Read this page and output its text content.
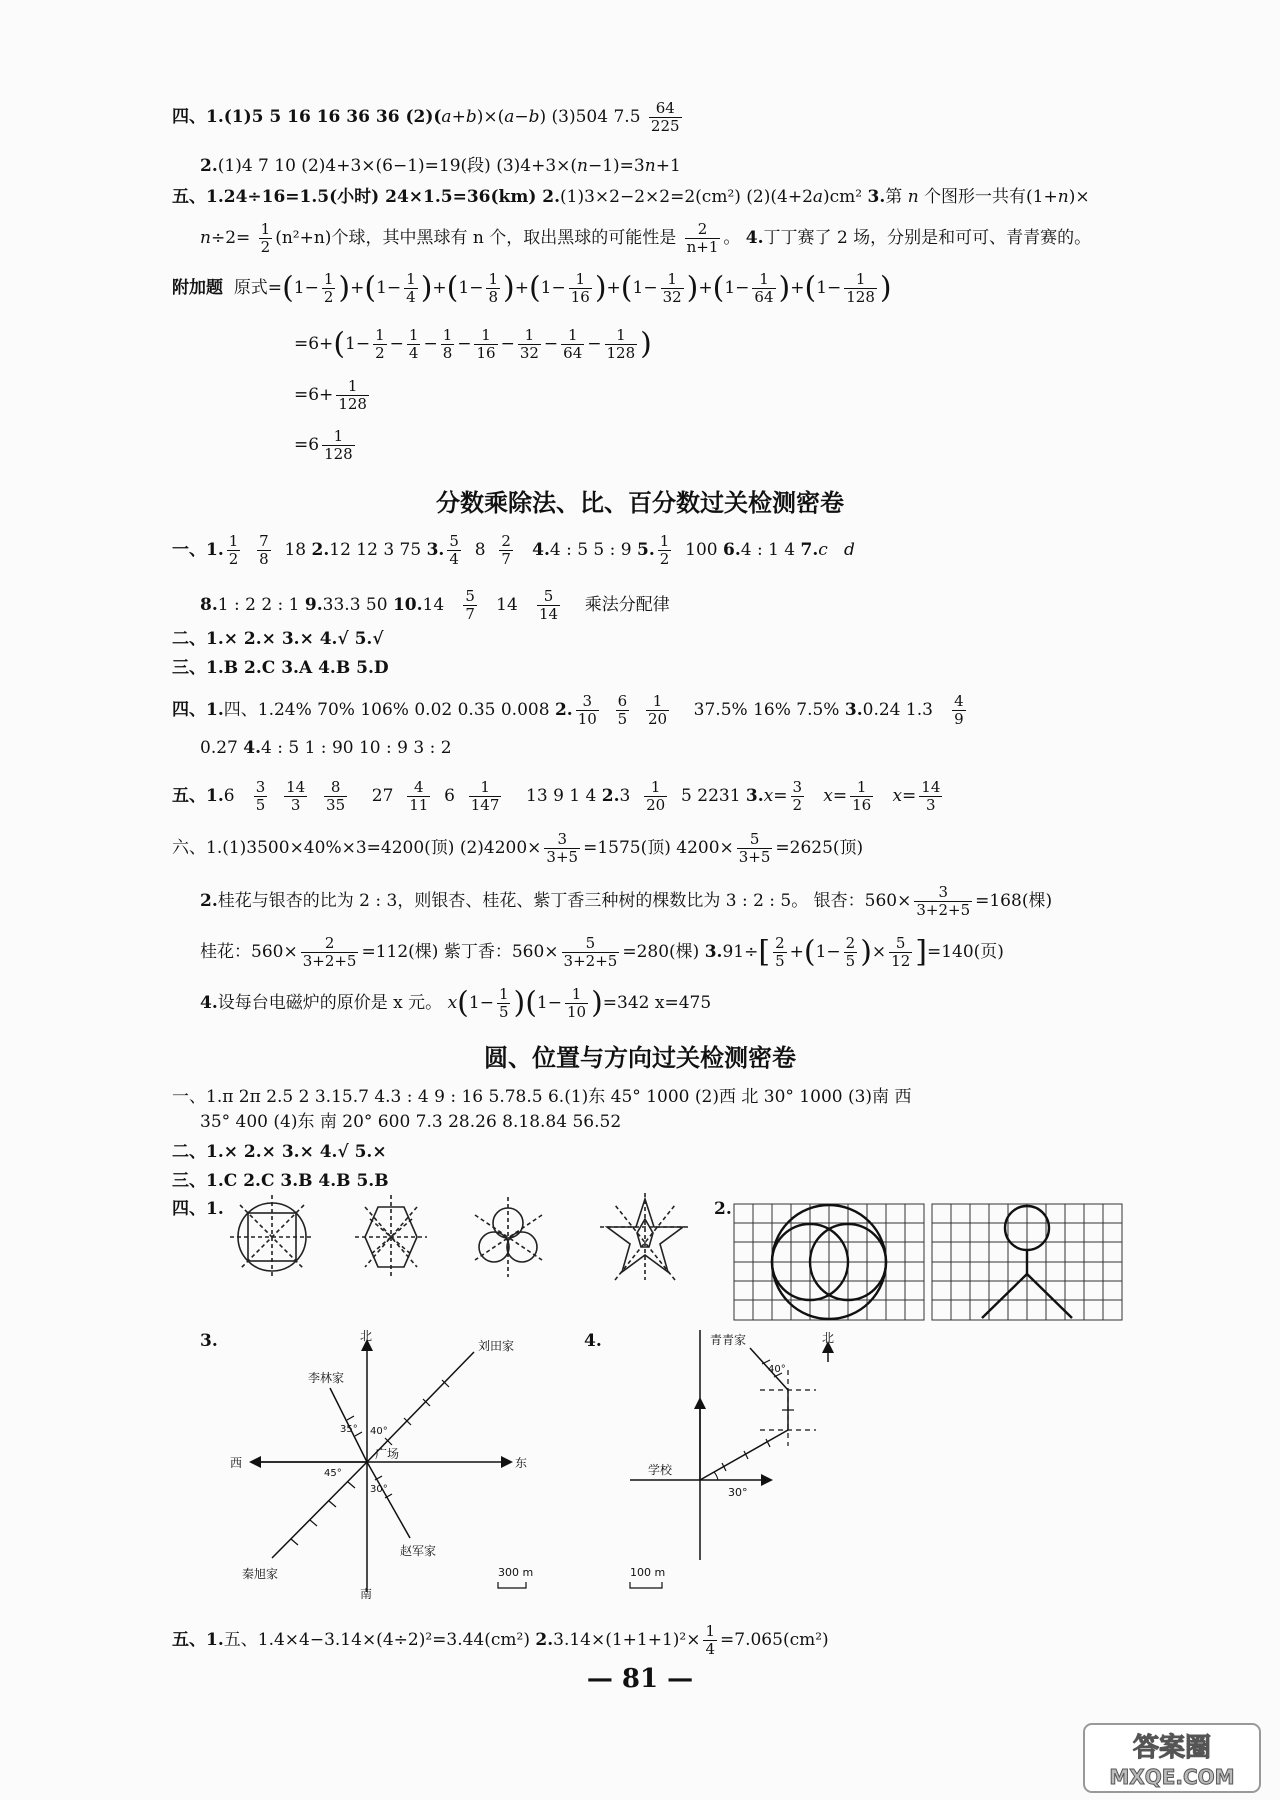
四、1.(1)5 5 16 16 36 36 (2)(a+b)×(a−b) (3)504 $7.5 \frac{64}{225}$
2.(1)4 7 10 (2)4+3×(6−1)=19(段) (3)4+3×(n−1)=3n+1
五、1.24÷16=1.5(小时) 24×1.5=36(km) 2.(1)3×2−2×2=2(cm²) (2)(4+2a)cm² 3.第 n 个图形一共有(1+n)×
$n\div 2= \frac{1}{2} (n^2+n)$个球，其中黑球有 n 个，取出黑球的可能性是 $\frac{2}{n+1}$ 。 4.丁丁赛了 2 场，分别是和可可、青青赛的。
附加题 原式$=(1- \frac{1}{2} )+(1- \frac{1}{4} )+(1- \frac{1}{8} )+(1- \frac{1}{16} )+(1- \frac{1}{32} )+(1- \frac{1}{64} )+(1- \frac{1}{128}$ )
$=6+(1- \frac{1}{2} - \frac{1}{4} - \frac{1}{8} - \frac{1}{16} - \frac{1}{32} - \frac{1}{64} - \frac{1}{128}$ )
$=6+ \frac{1}{128}$
$=6 \frac{1}{128}$
分数乘除法、比、百分数过关检测密卷
一、1. $\frac{1}{2}$
$\frac{7}{8} 18$ 2.12 12 3 75 3. $\frac{5}{4} 8 \frac{2}{7} 4.4$ : 5 5 : 9 5. $\frac{1}{2} 100$ 6.4 : 1 4 7.c d
8.1 : 2 2 : 1 9.33.3 50 $10.14 \frac{5}{7} 14 \frac{5}{14}$ 乘法分配律
二、1.× 2.× 3.× 4.√ 5.√
三、1.B 2.C 3.A 4.B 5.D
四、1.四、1.24% 70% 106% 0.02 0.35 0.008 2. $\frac{3}{10}$
$\frac{6}{5}$
$\frac{1}{20} 37.5\%$ 16% 7.5% 3.0.24 $1.3 \frac{4}{9}$
0.27 4.4 : 5 1 : 90 10 : 9 3 : 2
五、$1.6 \frac{3}{5}$
$\frac{14}{3}$
$\frac{8}{35} 27 \frac{4}{11} 6 \frac{1}{147} 13$ 9 1 4 $2.3 \frac{1}{20} 5$ 2231 $3.x= \frac{3}{2} x= \frac{1}{16} x= \frac{14}{3}$
六、1.(1)3500×40%×3=4200(顶) $(2)4200\times \frac{3}{3+5} =1575$(顶) $4200\times \frac{5}{3+5} =2625$(顶)
2.桂花与银杏的比为 2 : 3，则银杏、桂花、紫丁香三种树的棵数比为 3 : 2 : 5。 银杏：$560\times \frac{3}{3+2+5} =168$(棵)
桂花：$560\times \frac{2}{3+2+5} =112$(棵) 紫丁香：$560\times \frac{5}{3+2+5} =280$(棵) $3.91\div[ \frac{2}{5} +(1- \frac{2}{5}$ )× $\frac{5}{12} ]=140$(页)
4.设每台电磁炉的原价是 x 元。 $x(1- \frac{1}{5} )(1- \frac{1}{10} )=342$ x=475
圆、位置与方向过关检测密卷
一、1.π 2π 2.5 2 3.15.7 4.3 : 4 9 : 16 5.78.5 6.(1)东 45° 1000 (2)西 北 30° 1000 (3)南 西
35° 400 (4)东 南 20° 600 7.3 28.26 8.18.84 56.52
二、1.× 2.× 3.× 4.√ 5.×
三、1.C 2.C 3.B 4.B 5.B
四、1.	2.
3.	4.
北
南
西	东
刘田家
李林家
广场
秦旭家
赵军家
35° 40°
45°
30°
300 m
青青家	北
学校
40°
30°
100 m
五、1.五、1.4×4−3.14×(4÷2)²=3.44(cm²) $2.3.14\times(1+1+1)^2\times \frac{1}{4} =7.065(cm^2)$
— 81 —
答案圈
MXQE.COM
